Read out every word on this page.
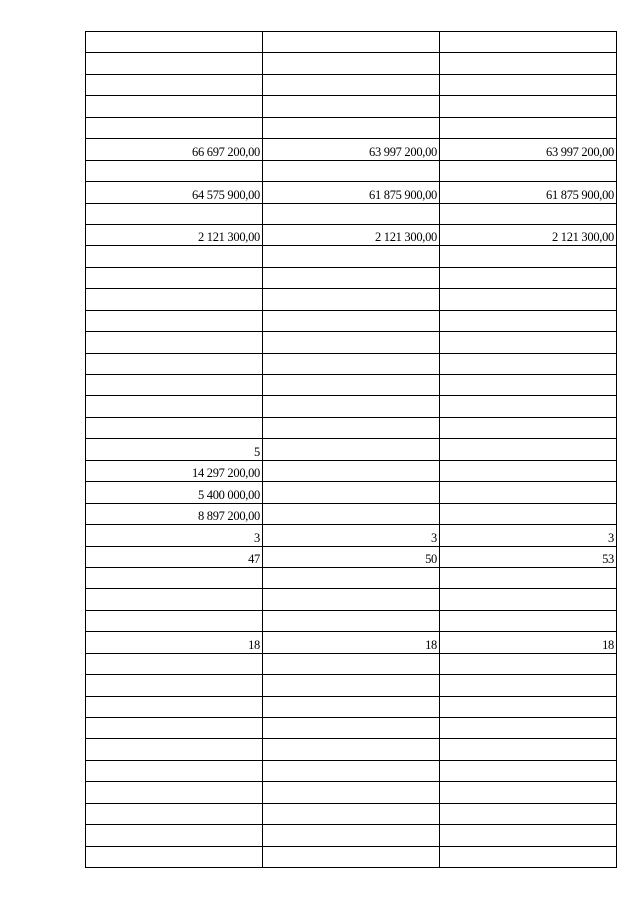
66 697 200,00	63 997 200,00	63 997 200,00

64 575 900,00	61 875 900,00	61 875 900,00

2 121 300,00	2 121 300,00	2 121 300,00

5		
14 297 200,00		
5 400 000,00		
8 897 200,00		
3	3	3
47	50	53

18	18	18
